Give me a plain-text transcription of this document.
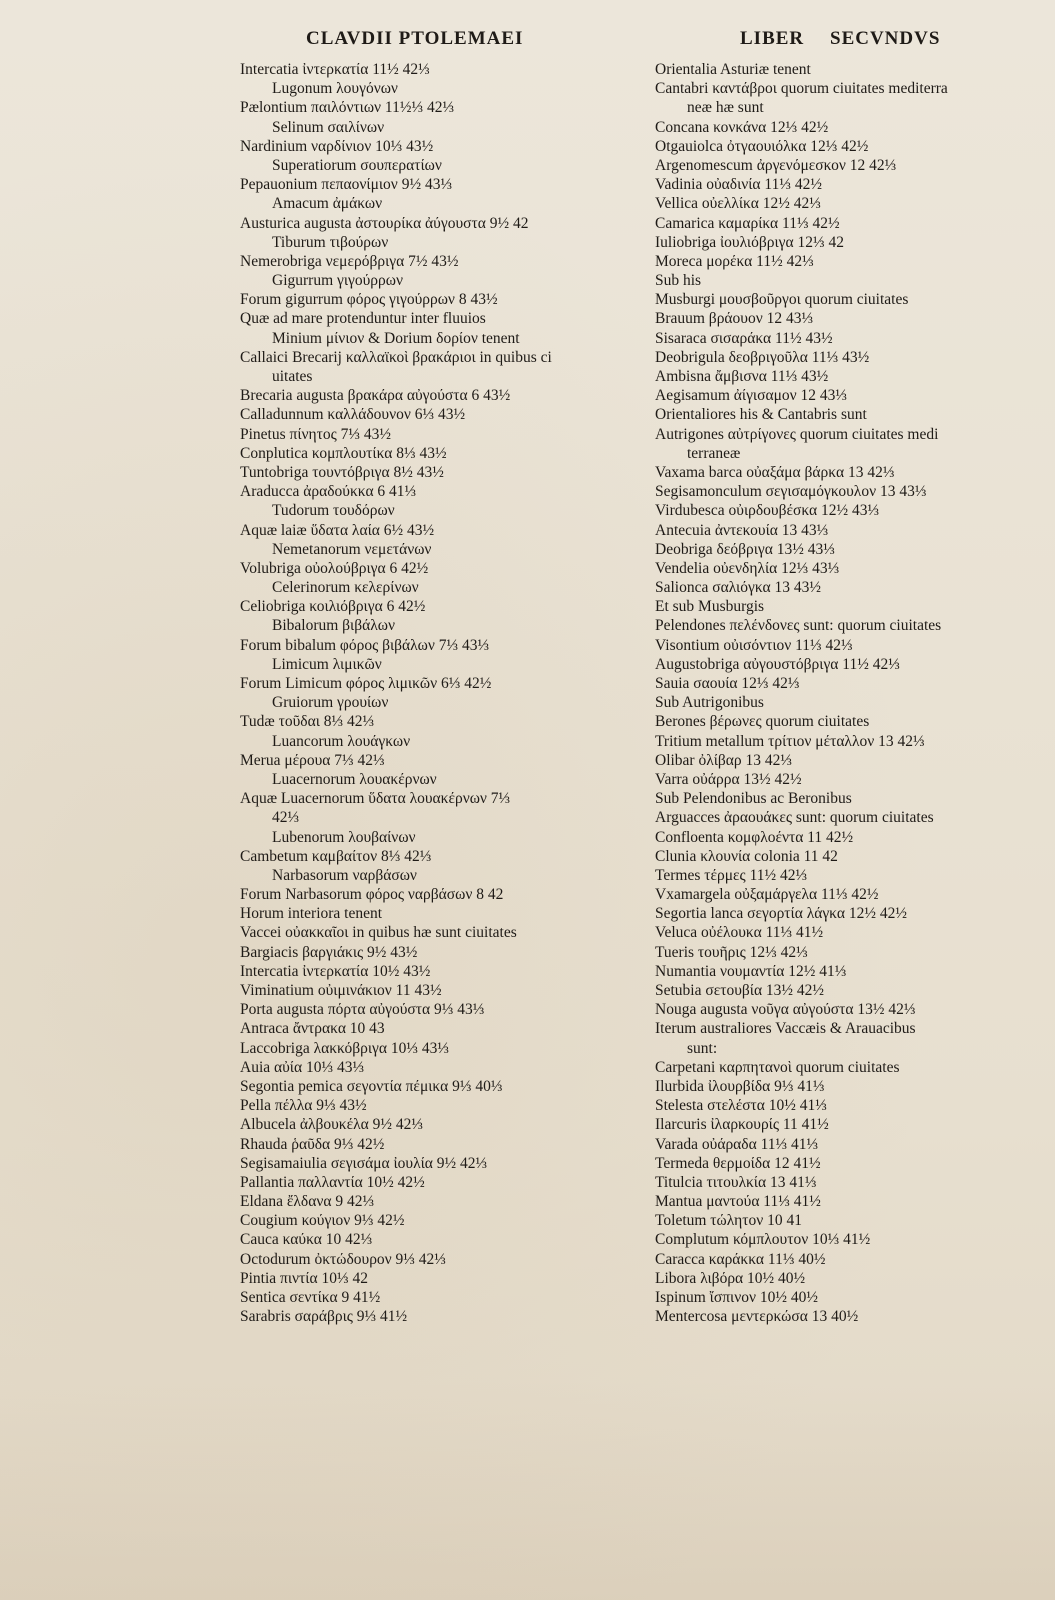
CLAVDII PTOLEMAEI	LIBER SECVNDVS
Intercatia ἰντερκατία 11½ 42⅓
Lugonum λουγόνων
Pælontium παιλόντιων 11½⅓ 42⅓
Selinum σαιλίνων
Nardinium ναρδίνιον 10⅓ 43½
Superatiorum σουπερατίων
Pepauonium πεπαονίμιον 9½ 43⅓
Amacum ἀμάκων
Austurica augusta ἀστουρίκα ἀύγουστα 9½ 42
Tiburum τιβούρων
Nemerobriga νεμερόβριγα 7½ 43½
Gigurrum γιγούρρων
Forum gigurrum φόρος γιγούρρων 8 43½
Quæ ad mare protenduntur inter fluuios
Minium μίνιον & Dorium δορίον tenent
Callaici Brecarij καλλαϊκοὶ βρακάριοι in quibus ci
uitates
Brecaria augusta βρακάρα αὐγούστα 6 43½
Calladunnum καλλάδουνον 6⅓ 43½
Pinetus πίνητος 7⅓ 43½
Conplutica κομπλουτίκα 8⅓ 43½
Tuntobriga τουντόβριγα 8½ 43½
Araducca ἀραδούκκα 6 41⅓
Tudorum τουδόρων
Aquæ laiæ ὕδατα λαία 6½ 43½
Nemetanorum νεμετάνων
Volubriga οὐολούβριγα 6 42½
Celerinorum κελερίνων
Celiobriga κοιλιόβριγα 6 42½
Bibalorum βιβάλων
Forum bibalum φόρος βιβάλων 7⅓ 43⅓
Limicum λιμικῶν
Forum Limicum φόρος λιμικῶν 6⅓ 42½
Gruiorum γρουίων
Tudæ τοῦδαι 8⅓ 42⅓
Luancorum λουάγκων
Merua μέρουα 7⅓ 42⅓
Luacernorum λουακέρνων
Aquæ Luacernorum ὕδατα λουακέρνων 7⅓
42⅓
Lubenorum λουβαίνων
Cambetum καμβαίτον 8⅓ 42⅓
Narbasorum ναρβάσων
Forum Narbasorum φόρος ναρβάσων 8 42
Horum interiora tenent
Vaccei οὐακκαῖοι in quibus hæ sunt ciuitates
Bargiacis βαργιάκις 9½ 43½
Intercatia ἰντερκατία 10½ 43½
Viminatium οὐιμινάκιον 11 43½
Porta augusta πόρτα αὐγούστα 9⅓ 43⅓
Antraca ἄντρακα 10 43
Laccobriga λακκόβριγα 10⅓ 43⅓
Auia αὐία 10⅓ 43⅓
Segontia pemica σεγοντία πέμικα 9⅓ 40⅓
Pella πέλλα 9⅓ 43½
Albucela ἀλβουκέλα 9½ 42⅓
Rhauda ῥαῦδα 9⅓ 42½
Segisamaiulia σεγισάμα ἰουλία 9½ 42⅓
Pallantia παλλαντία 10½ 42½
Eldana ἔλδανα 9 42⅓
Cougium κούγιον 9⅓ 42½
Cauca καύκα 10 42⅓
Octodurum ὀκτώδουρον 9⅓ 42⅓
Pintia πιντία 10⅓ 42
Sentica σεντίκα 9 41½
Sarabris σαράβρις 9⅓ 41½
Orientalia Asturiæ tenent
Cantabri καντάβροι quorum ciuitates mediterra
neæ hæ sunt
Concana κονκάνα 12⅓ 42½
Otgauiolca ὀτγαουιόλκα 12⅓ 42½
Argenomescum ἀργενόμεσκον 12 42⅓
Vadinia οὐαδινία 11⅓ 42½
Vellica οὐελλίκα 12½ 42⅓
Camarica καμαρίκα 11⅓ 42½
Iuliobriga ἰουλιόβριγα 12⅓ 42
Moreca μορέκα 11½ 42⅓
Sub his
Musburgi μουσβοῦργοι quorum ciuitates
Brauum βράουον 12 43⅓
Sisaraca σισαράκα 11½ 43½
Deobrigula δεοβριγοῦλα 11⅓ 43½
Ambisna ἄμβισνα 11⅓ 43½
Aegisamum ἀίγισαμον 12 43⅓
Orientaliores his & Cantabris sunt
Autrigones αὐτρίγονες quorum ciuitates medi
terraneæ
Vaxama barca οὐαξάμα βάρκα 13 42⅓
Segisamonculum σεγισαμόγκουλον 13 43⅓
Virdubesca οὐιρδουβέσκα 12½ 43⅓
Antecuia ἀντεκουία 13 43⅓
Deobriga δεόβριγα 13½ 43⅓
Vendelia οὐενδηλία 12⅓ 43⅓
Salionca σαλιόγκα 13 43½
Et sub Musburgis
Pelendones πελένδονες sunt: quorum ciuitates
Visontium οὐισόντιον 11⅓ 42⅓
Augustobriga αὐγουστόβριγα 11½ 42⅓
Sauia σαουία 12⅓ 42⅓
Sub Autrigonibus
Berones βέρωνες quorum ciuitates
Tritium metallum τρίτιον μέταλλον 13 42⅓
Olibar ὀλίβαρ 13 42⅓
Varra οὐάρρα 13½ 42½
Sub Pelendonibus ac Beronibus
Arguacces ἀραουάκες sunt: quorum ciuitates
Confloenta κομφλοέντα 11 42½
Clunia κλουνία colonia 11 42
Termes τέρμες 11½ 42⅓
Vxamargela οὐξαμάργελα 11⅓ 42½
Segortia lanca σεγορτία λάγκα 12½ 42½
Veluca οὐέλουκα 11⅓ 41½
Tueris τουῆρις 12⅓ 42⅓
Numantia νουμαντία 12½ 41⅓
Setubia σετουβία 13½ 42½
Nouga augusta νοῦγα αὐγούστα 13½ 42⅓
Iterum australiores Vaccæis & Arauacibus
sunt:
Carpetani καρπητανοὶ quorum ciuitates
Ilurbida ἰλουρβίδα 9⅓ 41⅓
Stelesta στελέστα 10½ 41⅓
Ilarcuris ἰλαρκουρίς 11 41½
Varada οὐάραδα 11⅓ 41⅓
Termeda θερμοίδα 12 41½
Titulcia τιτουλκία 13 41⅓
Mantua μαντούα 11⅓ 41½
Toletum τώλητον 10 41
Complutum κόμπλουτον 10⅓ 41½
Caracca καράκκα 11⅓ 40½
Libora λιβόρα 10½ 40½
Ispinum ἴσπινον 10½ 40½
Mentercosa μεντερκώσα 13 40½
